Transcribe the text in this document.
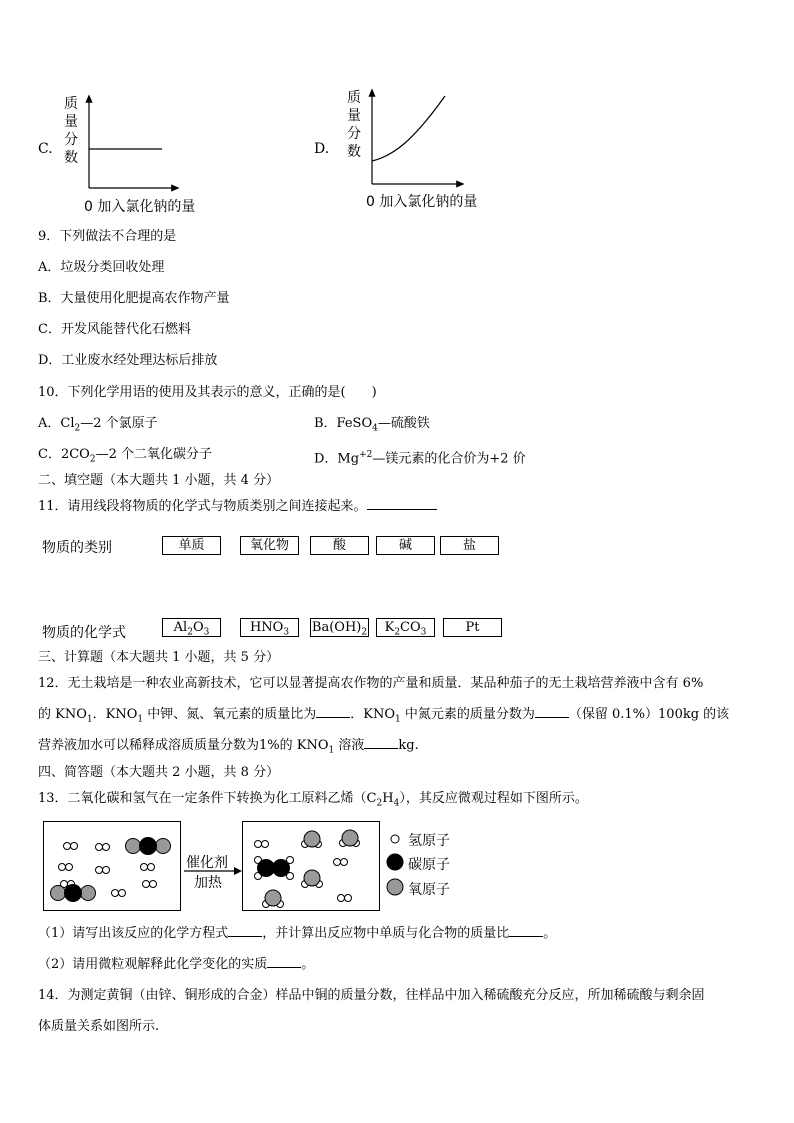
C.
质
量
分
数
0 加入氯化钠的量
D.
质
量
分
数
0 加入氯化钠的量
9．下列做法不合理的是
A．垃圾分类回收处理
B．大量使用化肥提高农作物产量
C．开发风能替代化石燃料
D．工业废水经处理达标后排放
10．下列化学用语的使用及其表示的意义，正确的是(　　)
A．$Cl_2—2$ 个氯原子	B．FeSO$_4$—硫酸铁
C．$2CO_2—2$ 个二氧化碳分子	D．$Mg^{+2}—$镁元素的化合价为+2 价
二、填空题（本大题共 1 小题，共 4 分）
11．请用线段将物质的化学式与物质类别之间连接起来。
物质的类别	单质	氧化物	酸	碱	盐
物质的化学式	$Al_2O_3$	$HNO_3$	$Ba(OH)_2$	$K_2CO_3$	Pt
三、计算题（本大题共 1 小题，共 5 分）
12．无土栽培是一种农业高新技术，它可以显著提高农作物的产量和质量．某品种茄子的无土栽培营养液中含有 6%
的 $KNO_1$．$KNO_1$ 中钾、氮、氧元素的质量比为	．$KNO_1$ 中氮元素的质量分数为	（保留 0.1%）100kg 的该
营养液加水可以稀释成溶质质量分数为1%的 $KNO_1$ 溶液	kg.
四、简答题（本大题共 2 小题，共 8 分）
13．二氧化碳和氢气在一定条件下转换为化工原料乙烯$(C_2H_4)$，其反应微观过程如下图所示。
催化剂
加热
氢原子
碳原子
氧原子
（1）请写出该反应的化学方程式	，并计算出反应物中单质与化合物的质量比	。
（2）请用微粒观解释此化学变化的实质	。
14．为测定黄铜（由锌、铜形成的合金）样品中铜的质量分数，往样品中加入稀硫酸充分反应，所加稀硫酸与剩余固
体质量关系如图所示.
